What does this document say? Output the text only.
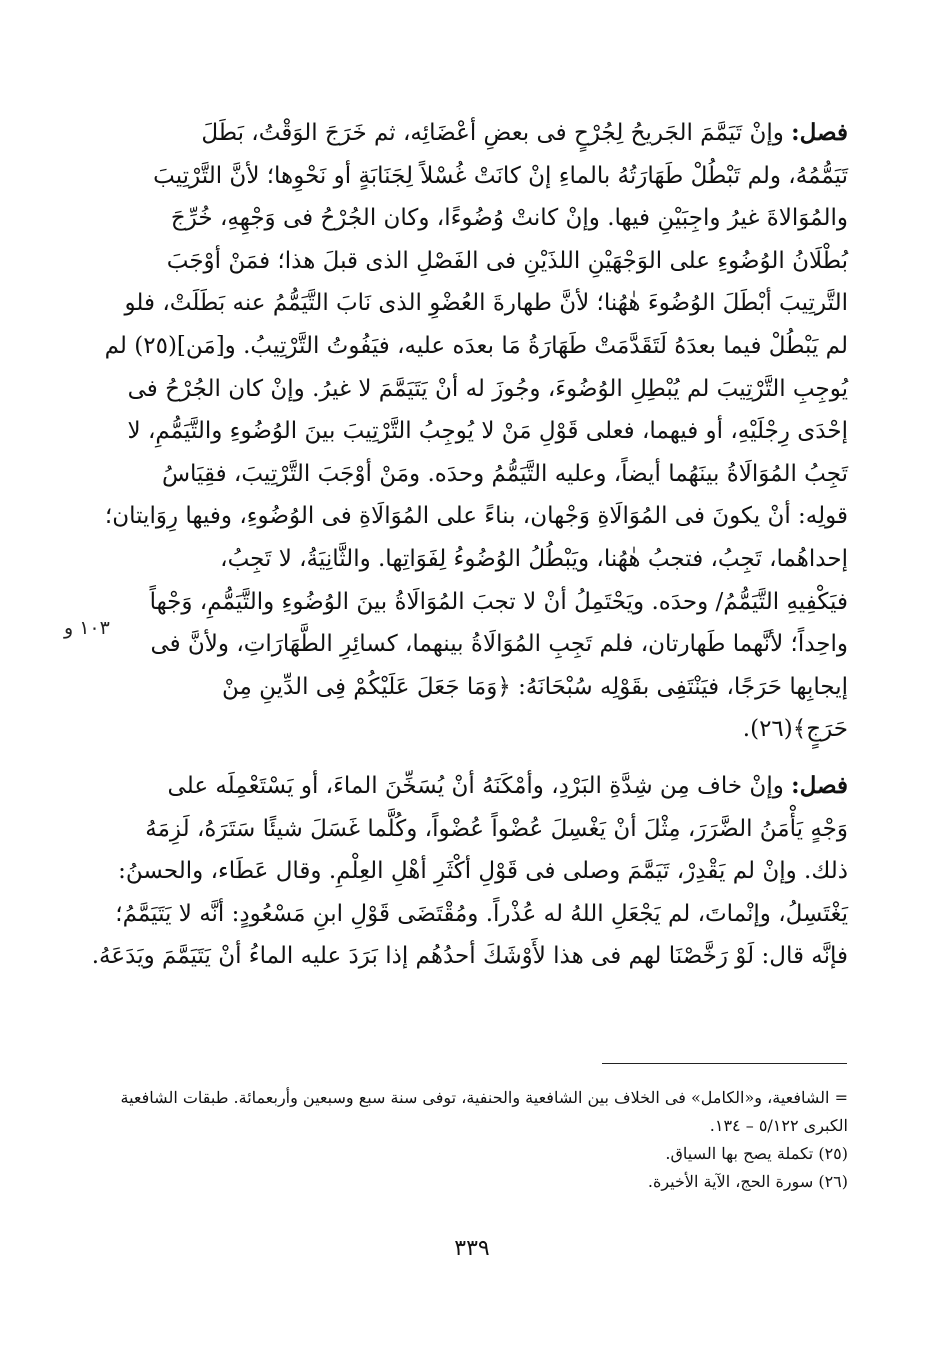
فصل: وإنْ تَيَمَّمَ الجَريحُ لِجُرْحٍ فى بعضِ أعْضَائِه، ثم خَرَجَ الوَقْتُ، بَطَلَ
تَيَمُّمُهُ، ولم تَبْطُلْ طَهَارَتُهُ بالماءِ إنْ كانَتْ غُسْلاً لِجَنَابَةٍ أو نَحْوِها؛ لأنَّ التَّرْتِيبَ
والمُوَالاةَ غيرُ واجِبَيْنِ فيها. وإنْ كانتْ وُضُوءًا، وكان الجُرْحُ فى وَجْهِهِ، خُرِّجَ
بُطْلَانُ الوُضُوءِ على الوَجْهَيْنِ اللذَيْنِ فى الفَصْلِ الذى قبلَ هذا؛ فمَنْ أوْجَبَ
التَّرتِيبَ أبْطَلَ الوُضُوءَ هٰهُنا؛ لأنَّ طهارةَ العُضْوِ الذى نَابَ التَّيَمُّمُ عنه بَطَلَتْ، فلو
لم يَبْطُلْ فيما بعدَهُ لَتَقَدَّمَتْ طَهَارَةُ مَا بعدَه عليه، فيَفُوتُ التَّرْتِيبُ. و[مَن](٢٥) لم
يُوجِبِ التَّرْتِيبَ لم يُبْطِلِ الوُضُوءَ، وجُوزَ له أنْ يَتَيَمَّمَ لا غيرُ. وإنْ كان الجُرْحُ فى
إحْدَى رِجْلَيْهِ، أو فيهما، فعلى قَوْلِ مَنْ لا يُوجِبُ التَّرْتِيبَ بينَ الوُضُوءِ والتَّيَمُّمِ، لا
تَجِبُ المُوَالَاةُ بينَهُما أيضاً، وعليه التَّيَمُّمُ وحدَه. ومَنْ أوْجَبَ التَّرْتِيبَ، فقِيَاسُ
قولِه: أنْ يكونَ فى المُوَالَاةِ وَجْهان، بناءً على المُوَالَاةِ فى الوُضُوءِ، وفيها رِوَايتان؛
إحداهُما، تَجِبُ، فتجبُ هٰهُنا، ويَبْطُلُ الوُضُوءُ لِفَوَاتِها. والثَّانِيَةُ، لا تَجِبُ،
فيَكْفِيهِ التَّيَمُّمُ/ وحدَه. ويَحْتَمِلُ أنْ لا تجبَ المُوَالَاةُ بينَ الوُضُوءِ والتَّيَمُّمِ، وَجْهاً
واحِداً؛ لأنَّهما طَهارتان، فلم تَجِبِ المُوَالَاةُ بينهما، كسائِرِ الطَّهَارَاتِ، ولأنَّ فى
إيجابِها حَرَجًا، فيَنْتَفِى بقَوْلِه سُبْحَانَهُ: ﴿وَمَا جَعَلَ عَلَيْكُمْ فِى الدِّينِ مِنْ
حَرَجٍ﴾(٢٦).
فصل: وإنْ خاف مِن شِدَّةِ البَرْدِ، وأمْكَنَهُ أنْ يُسَخِّنَ الماءَ، أو يَسْتَعْمِلَه على
وَجْهٍ يَأْمَنُ الضَّرَرَ، مِثْلَ أنْ يَغْسِلَ عُضْواً عُضْواً، وكُلَّما غَسَلَ شيئًا سَتَرَهُ، لَزِمَهُ
ذلك. وإنْ لم يَقْدِرْ، تَيَمَّمَ وصلى فى قَوْلِ أكْثَرِ أهْلِ العِلْمِ. وقال عَطَاء، والحسنُ:
يَغْتَسِلُ، وإنْماتَ، لم يَجْعَلِ اللهُ له عُذْراً. ومُقْتَضَى قَوْلِ ابنِ مَسْعُودٍ: أنَّه لا يَتَيَمَّمُ؛
فإنَّه قال: لَوْ رَخَّصْنَا لهم فى هذا لأَوْشَكَ أحدُهُم إذا بَرَدَ عليه الماءُ أنْ يَتَيَمَّمَ ويَدَعَهُ.
١٠٣ و
= الشافعية، و«الكامل» فى الخلاف بين الشافعية والحنفية، توفى سنة سبع وسبعين وأربعمائة. طبقات الشافعية
الكبرى ٥/١٢٢ – ١٣٤.
(٢٥) تكملة يصح بها السياق.
(٢٦) سورة الحج، الآية الأخيرة.
٣٣٩
